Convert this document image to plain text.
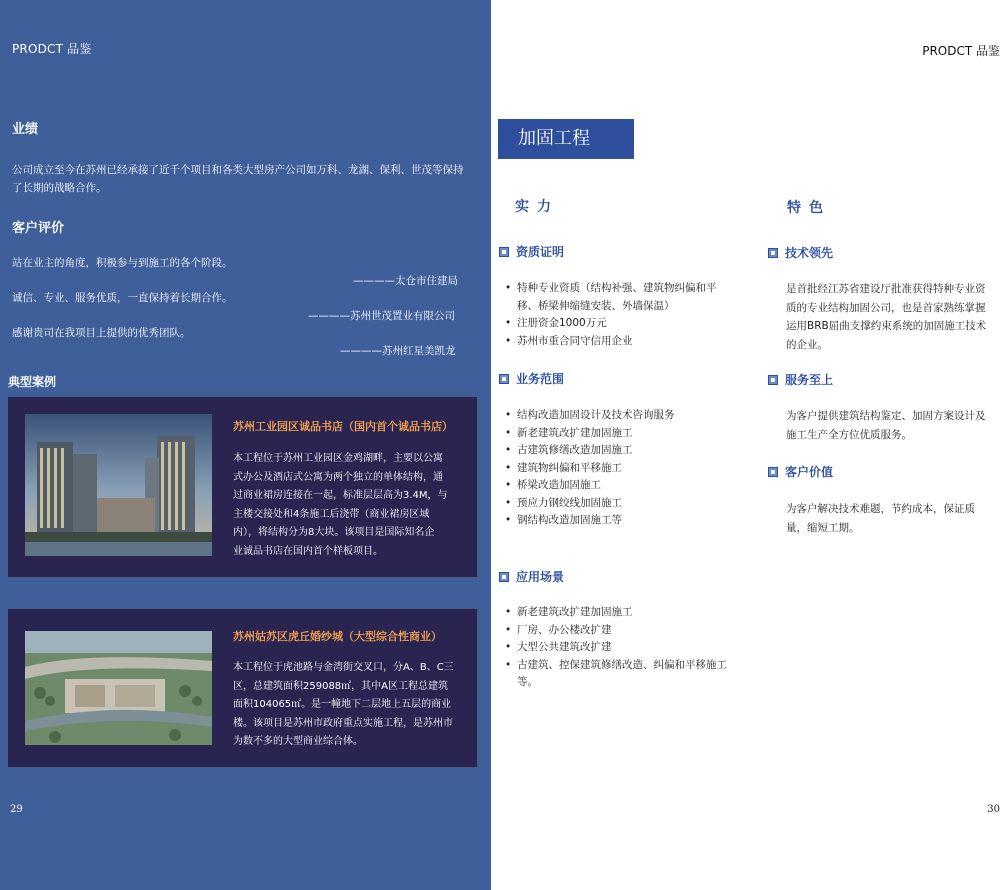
PRODCT 品鉴
业绩
公司成立至今在苏州已经承接了近千个项目和各类大型房产公司如万科、龙湖、保利、世茂等保持
了长期的战略合作。
客户评价
站在业主的角度，积极参与到施工的各个阶段。
————太仓市住建局
诚信、专业、服务优质，一直保持着长期合作。
————苏州世茂置业有限公司
感谢贵司在我项目上提供的优秀团队。
————苏州红星美凯龙
典型案例
苏州工业园区诚品书店（国内首个诚品书店）
本工程位于苏州工业园区金鸡湖畔，主要以公寓
式办公及酒店式公寓为两个独立的单体结构，通
过商业裙房连接在一起，标准层层高为3.4M，与
主楼交接处和4条施工后浇带（商业裙房区域
内），将结构分为8大块。该项目是国际知名企
业诚品书店在国内首个样板项目。
苏州姑苏区虎丘婚纱城（大型综合性商业）
本工程位于虎池路与金湾街交叉口，分A、B、C三
区，总建筑面积259088㎡，其中A区工程总建筑
面积104065㎡。是一幢地下二层地上五层的商业
楼。该项目是苏州市政府重点实施工程，是苏州市
为数不多的大型商业综合体。
29
PRODCT 品鉴
加固工程
实力	特色
资质证明
• 特种专业资质（结构补强、建筑物纠偏和平
移、桥梁伸缩缝安装、外墙保温）
• 注册资金1000万元
• 苏州市重合同守信用企业
业务范围
• 结构改造加固设计及技术咨询服务
• 新老建筑改扩建加固施工
• 古建筑修缮改造加固施工
• 建筑物纠偏和平移施工
• 桥梁改造加固施工
• 预应力钢绞线加固施工
• 钢结构改造加固施工等
应用场景
• 新老建筑改扩建加固施工
• 厂房、办公楼改扩建
• 大型公共建筑改扩建
• 古建筑、控保建筑修缮改造、纠偏和平移施工
等。
技术领先
是首批经江苏省建设厅批准获得特种专业资
质的专业结构加固公司，也是首家熟练掌握
运用BRB屈曲支撑约束系统的加固施工技术
的企业。
服务至上
为客户提供建筑结构鉴定、加固方案设计及
施工生产全方位优质服务。
客户价值
为客户解决技术难题，节约成本，保证质
量，缩短工期。
30
